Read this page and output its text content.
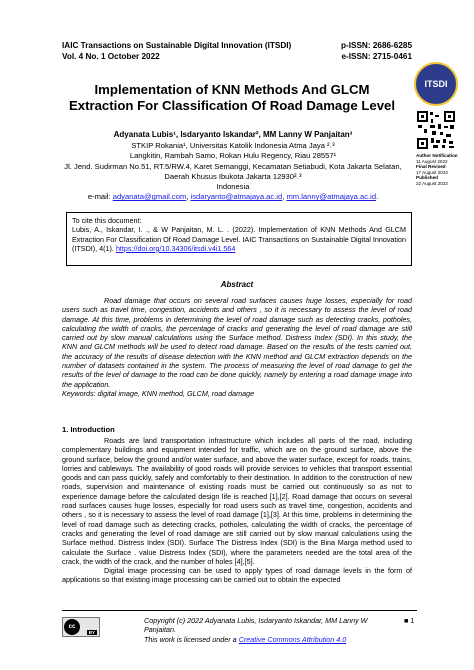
IAIC Transactions on Sustainable Digital Innovation (ITSDI)	p-ISSN: 2686-6285
Vol. 4 No. 1 October 2022	e-ISSN: 2715-0461
ITSDI
Author Notification
11 August 2022
Final Revised
17 August 2022
Published
22 August 2022
Implementation of KNN Methods And GLCM Extraction For Classification Of Road Damage Level
Adyanata Lubis¹, Isdaryanto Iskandar², MM Lanny W Panjaitan³
STKIP Rokania¹, Universitas Katolik Indonesia Atma Jaya ²˒³
Langkitin, Rambah Samo, Rokan Hulu Regency, Riau 28557¹
Jl. Jend. Sudirman No.51, RT.5/RW.4, Karet Semanggi, Kecamatan Setiabudi, Kota Jakarta Selatan, Daerah Khusus Ibukota Jakarta 12930²˒³
Indonesia
e-mail: adyanata@gmail.com, isdaryanto@atmajaya.ac.id, mm.lanny@atmajaya.ac.id.
To cite this document:

Lubis, A., Iskandar, I. ., & W Panjaitan, M. L. . (2022). Implementation of KNN Methods And GLCM Extraction For Classification Of Road Damage Level. IAIC Transactions on Sustainable Digital Innovation (ITSDI), 4(1). https://doi.org/10.34306/itsdi.v4i1.564

Abstract

Road damage that occurs on several road surfaces causes huge losses, especially for road users such as travel time, congestion, accidents and others , so it is necessary to assess the level of road damage. At this time, problems in determining the level of road damage such as detecting cracks, potholes, calculating the width of cracks, the percentage of cracks and generating the level of road damage are still carried out by slow manual calculations using the Surface method. Distress Index (SDI). In this study, the KNN and GLCM methods will be used to detect road damage. Based on the results of the tests carried out, the accuracy of the results of disease detection with the KNN method and GLCM extraction depends on the number of datasets contained in the system. The process of measuring the level of road damage to get the results of the level of damage to the road can be done quickly, namely by entering a road damage image into the application.

Keywords: digital image, KNN method, GLCM, road damage

1. Introduction

Roads are land transportation infrastructure which includes all parts of the road, including complementary buildings and equipment intended for traffic, which are on the ground surface, above the ground surface, below the ground and/or water surface, and above the water surface, except for roads. trains, lorries and cableways. The availability of good roads will provide services to vehicles that transport essential goods and can pass quickly, safely and comfortably to their destination. In addition to the construction of new roads, supervision and maintenance of existing roads must be carried out continuously so as not to experience damage before the calculated design life is reached [1],[2]. Road damage that occurs on several road surfaces causes huge losses, especially for road users such as travel time, congestion, accidents and others , so it is necessary to assess the level of road damage [1],[3]. At this time, problems in determining the level of road damage such as detecting cracks, potholes, calculating the width of cracks, the percentage of cracks and generating the level of road damage are still carried out by slow manual calculations using the Surface method. Distress Index (SDI). Surface The Distress Index (SDI) is the Bina Marga method used to calculate the Surface . value Distress Index (SDI), where the parameters needed are the total area of the crack, the width of the crack, and the number of holes [4],[5].

Digital image processing can be used to apply types of road damage levels in the form of applications so that existing image processing can be carried out to obtain the expected

cc
BY
Copyright (c) 2022 Adyanata Lubis, Isdaryanto Iskandar, MM Lanny W Panjaitan.
This work is licensed under a Creative Commons Attribution 4.0
■ 1
